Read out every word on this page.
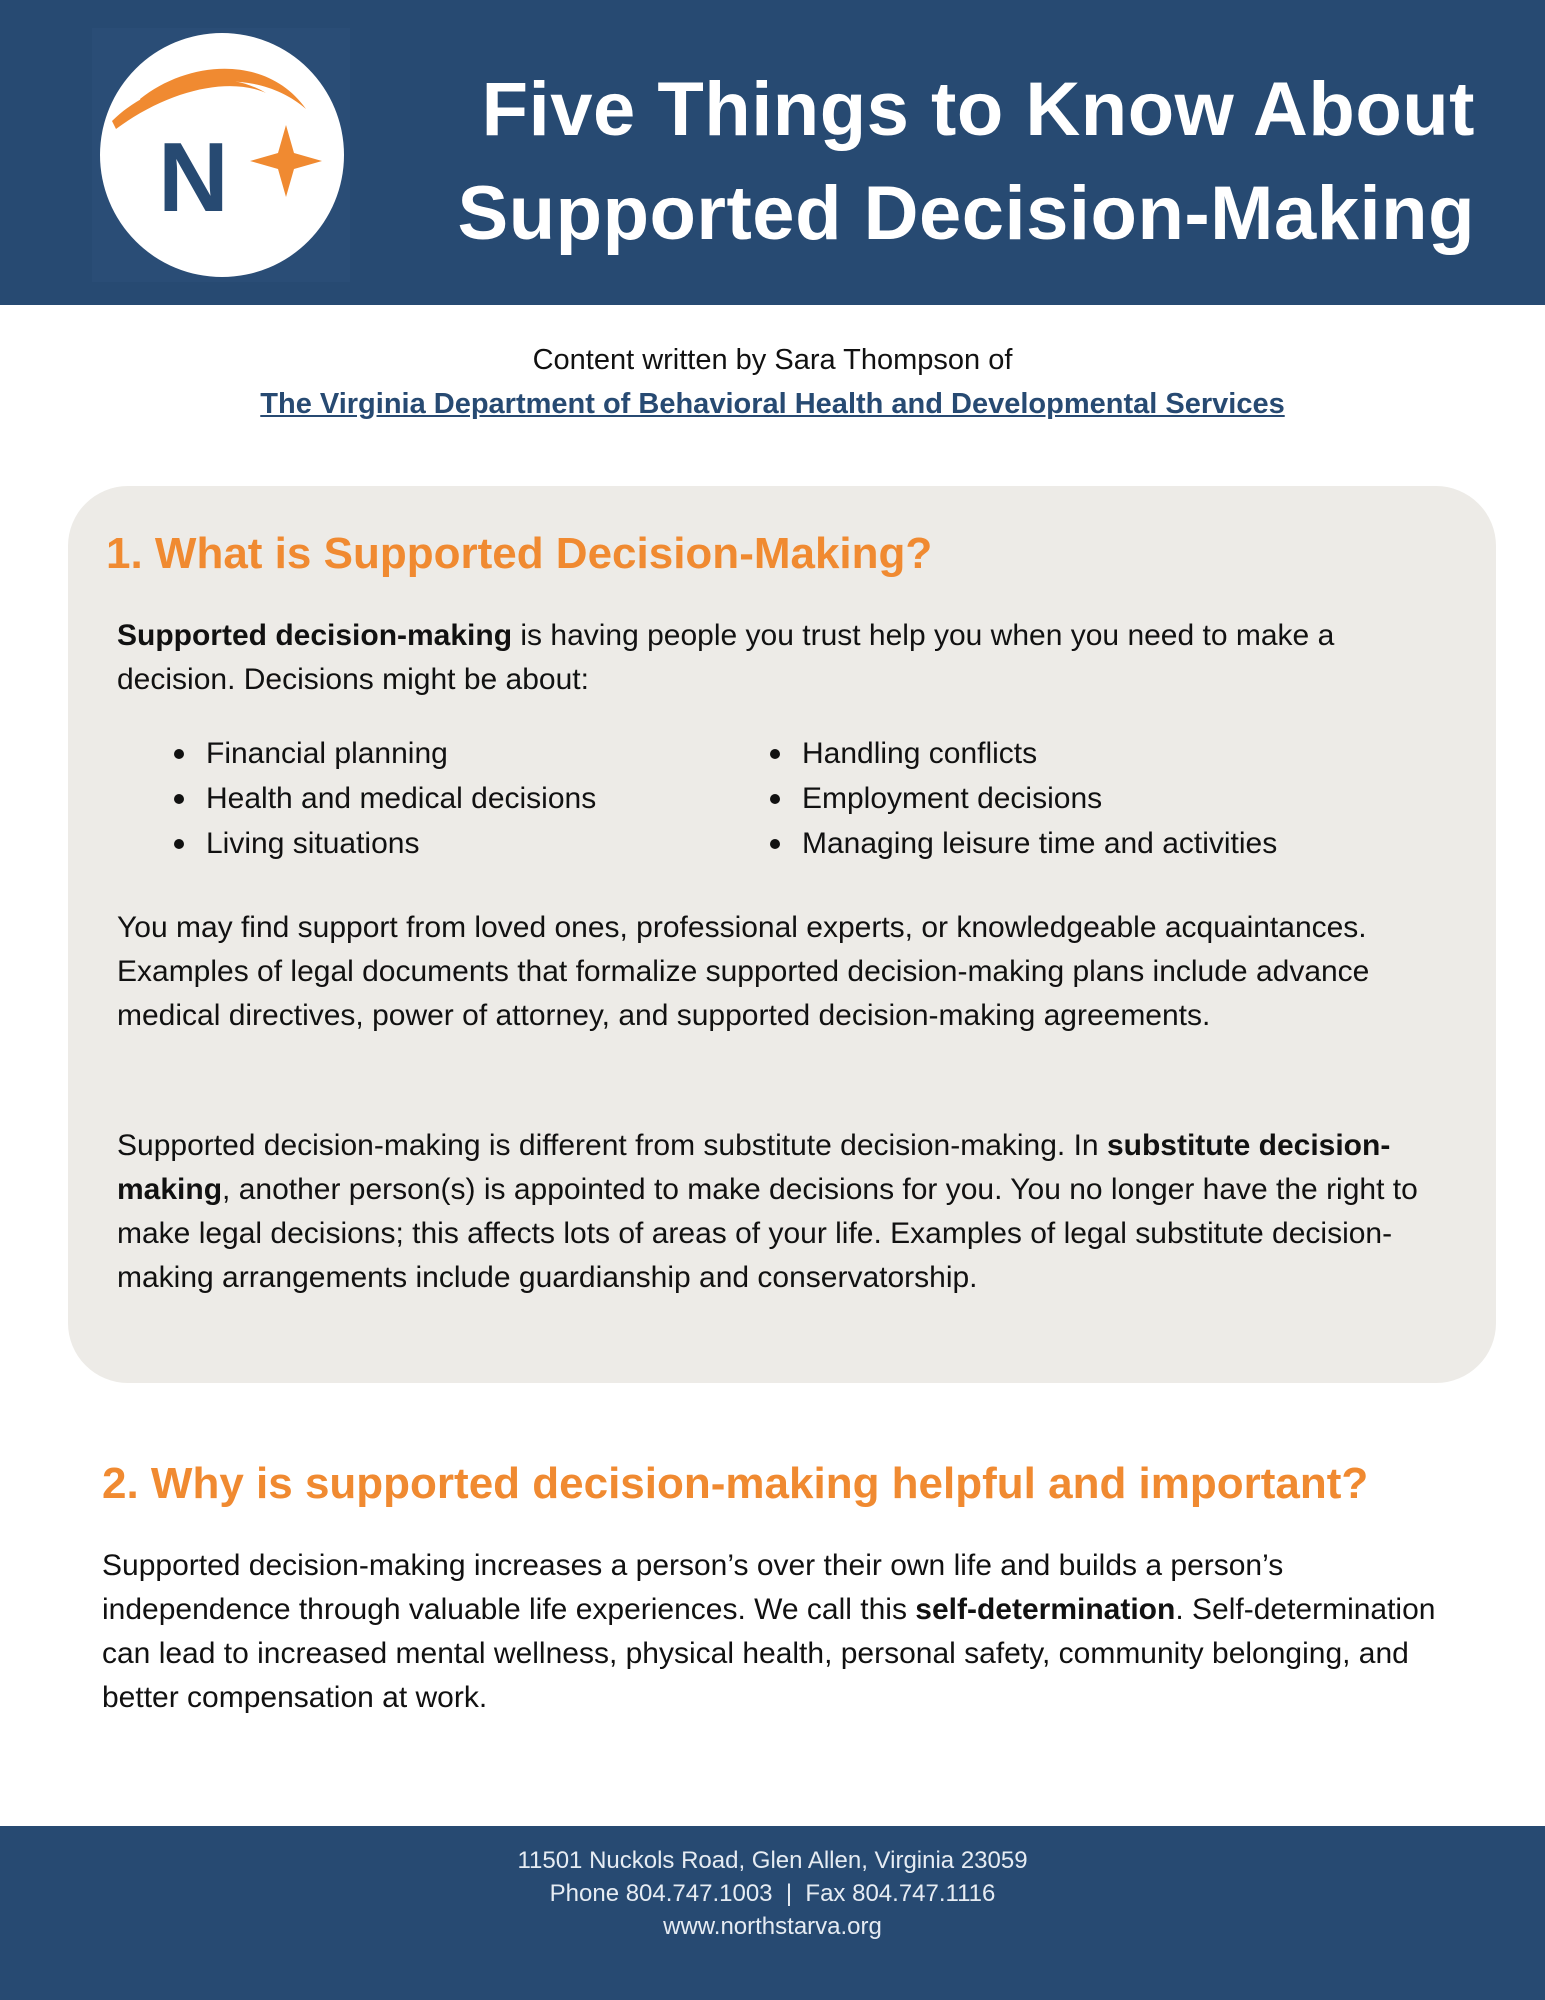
N
Five Things to Know About
Supported Decision-Making
Content written by Sara Thompson of
The Virginia Department of Behavioral Health and Developmental Services
1. What is Supported Decision-Making?

Supported decision-making is having people you trust help you when you need to make a decision. Decisions might be about:

Financial planning
Health and medical decisions
Living situations
Handling conflicts
Employment decisions
Managing leisure time and activities

You may find support from loved ones, professional experts, or knowledgeable acquaintances. Examples of legal documents that formalize supported decision-making plans include advance medical directives, power of attorney, and supported decision-making agreements.

Supported decision-making is different from substitute decision-making. In substitute decision-making, another person(s) is appointed to make decisions for you. You no longer have the right to make legal decisions; this affects lots of areas of your life. Examples of legal substitute decision-making arrangements include guardianship and conservatorship.

2. Why is supported decision-making helpful and important?

Supported decision-making increases a person’s over their own life and builds a person’s independence through valuable life experiences. We call this self-determination. Self-determination can lead to increased mental wellness, physical health, personal safety, community belonging, and better compensation at work.

11501 Nuckols Road, Glen Allen, Virginia 23059
Phone 804.747.1003  |  Fax 804.747.1116
www.northstarva.org
